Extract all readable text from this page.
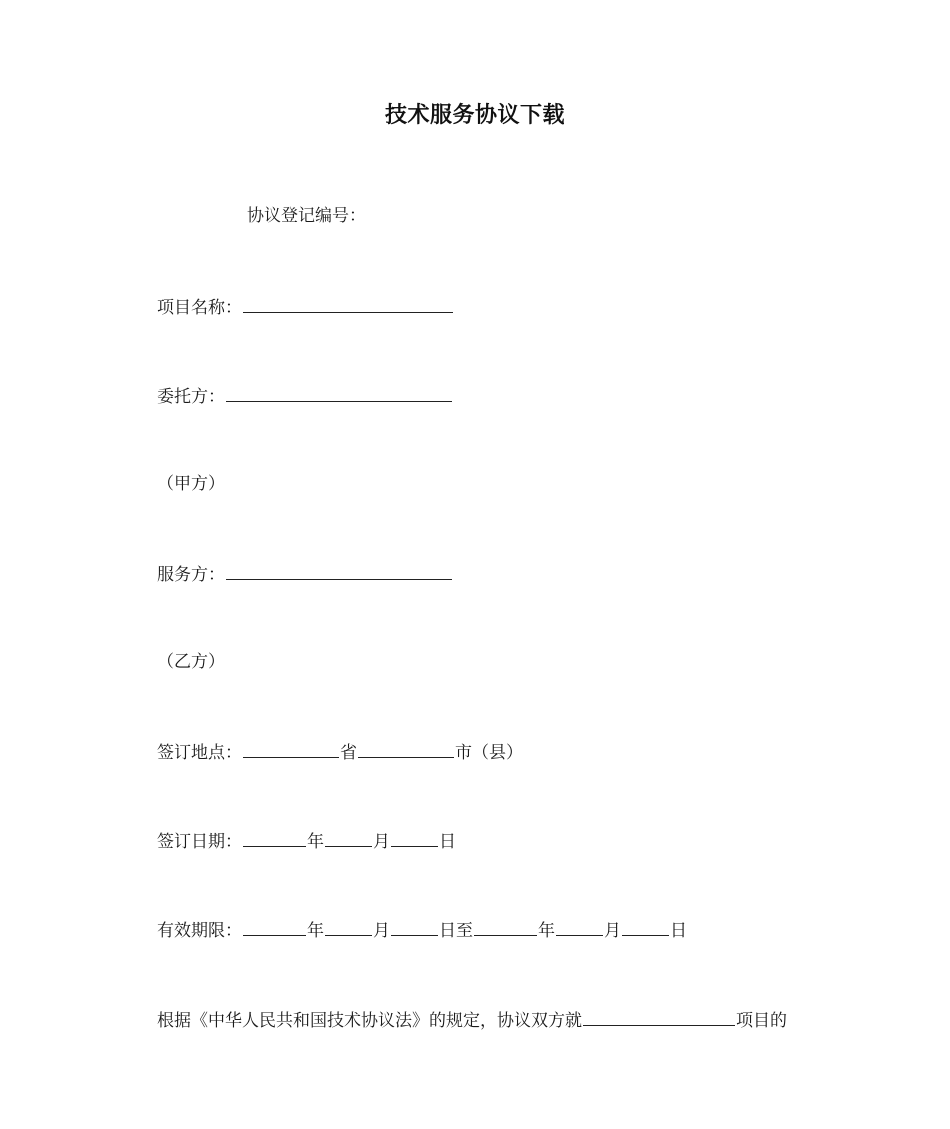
技术服务协议下载
协议登记编号：
项目名称：
委托方：
（甲方）
服务方：
（乙方）
签订地点：	省	市（县）
签订日期：	年	月	日
有效期限：	年	月	日至	年	月	日
根据《中华人民共和国技术协议法》的规定，协议双方就	项目的
